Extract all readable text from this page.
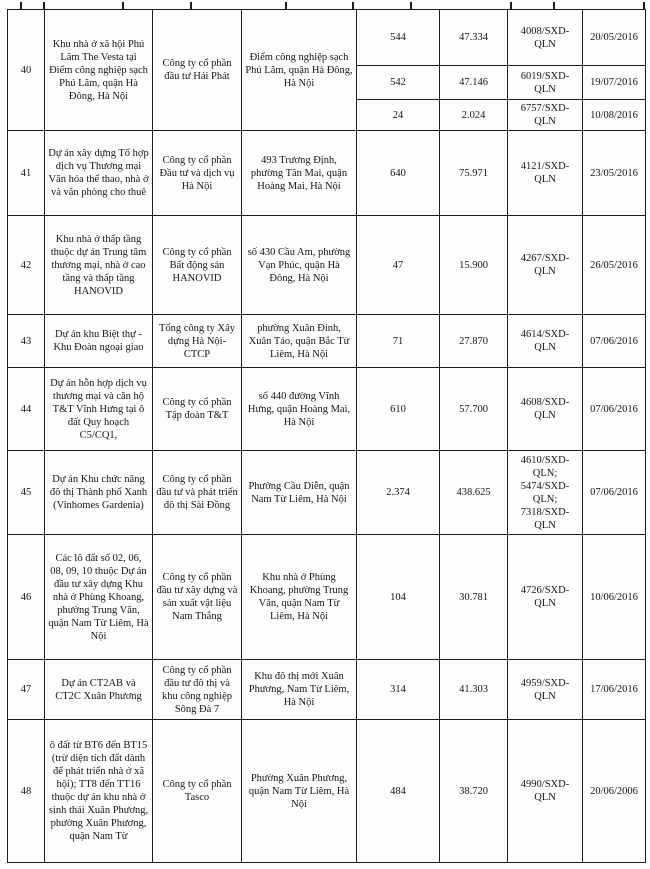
40	Khu nhà ở xã hội Phú Lãm The Vesta tại Điểm công nghiệp sạch Phú Lãm, quận Hà Đông, Hà Nội	Công ty cổ phần đầu tư Hải Phát	Điểm công nghiệp sạch Phú Lãm, quận Hà Đông, Hà Nội	544	47.334	4008/SXD-QLN	20/05/2016
				542	47.146	6019/SXD-QLN	19/07/2016
				24	2.024	6757/SXD-QLN	10/08/2016
41	Dự án xây dựng Tổ hợp dịch vụ Thương mại Văn hóa thể thao, nhà ở và văn phòng cho thuê	Công ty cổ phần Đầu tư và dịch vụ Hà Nội	493 Trương Định, phường Tân Mai, quận Hoàng Mai, Hà Nội	640	75.971	4121/SXD-QLN	23/05/2016
42	Khu nhà ở thấp tầng thuộc dự án Trung tâm thương mại, nhà ở cao tầng và thấp tầng HANOVID	Công ty cổ phần Bất động sản HANOVID	số 430 Cầu Am, phường Vạn Phúc, quận Hà Đông, Hà Nội	47	15.900	4267/SXD-QLN	26/05/2016
43	Dự án khu Biệt thự - Khu Đoàn ngoại giao	Tổng công ty Xây dựng Hà Nội-CTCP	phường Xuân Đỉnh, Xuân Tảo, quận Bắc Từ Liêm, Hà Nội	71	27.870	4614/SXD-QLN	07/06/2016
44	Dự án hỗn hợp dịch vụ thương mại và căn hộ T&T Vĩnh Hưng tại ô đất Quy hoạch C5/CQ1,	Công ty cổ phần Tập đoàn T&T	số 440 đường Vĩnh Hưng, quận Hoàng Mai, Hà Nội	610	57.700	4608/SXD-QLN	07/06/2016
45	Dự án Khu chức năng đô thị Thành phố Xanh (Vinhomes Gardenia)	Công ty cổ phần đầu tư và phát triển đô thị Sài Đồng	Phường Cầu Diễn, quận Nam Từ Liêm, Hà Nội	2.374	438.625	4610/SXD-QLN; 5474/SXD-QLN; 7318/SXD-QLN	07/06/2016
46	Các lô đất số 02, 06, 08, 09, 10 thuộc Dự án đầu tư xây dựng Khu nhà ở Phùng Khoang, phường Trung Văn, quận Nam Từ Liêm, Hà Nội	Công ty cổ phần đầu tư xây dựng và sản xuất vật liệu Nam Thắng	Khu nhà ở Phùng Khoang, phường Trung Văn, quận Nam Từ Liêm, Hà Nội	104	30.781	4726/SXD-QLN	10/06/2016
47	Dự án CT2AB và CT2C Xuân Phương	Công ty cổ phần đầu tư đô thị và khu công nghiệp Sông Đà 7	Khu đô thị mới Xuân Phương, Nam Từ Liêm, Hà Nội	314	41.303	4959/SXD-QLN	17/06/2016
48	ô đất từ BT6 đến BT15 (trừ diện tích đất dành để phát triển nhà ở xã hội); TT8 đến TT16 thuộc dự án khu nhà ở sinh thái Xuân Phương, phường Xuân Phương, quận Nam Từ	Công ty cổ phần Tasco	Phường Xuân Phương, quận Nam Từ Liêm, Hà Nội	484	38.720	4990/SXD-QLN	20/06/2006
